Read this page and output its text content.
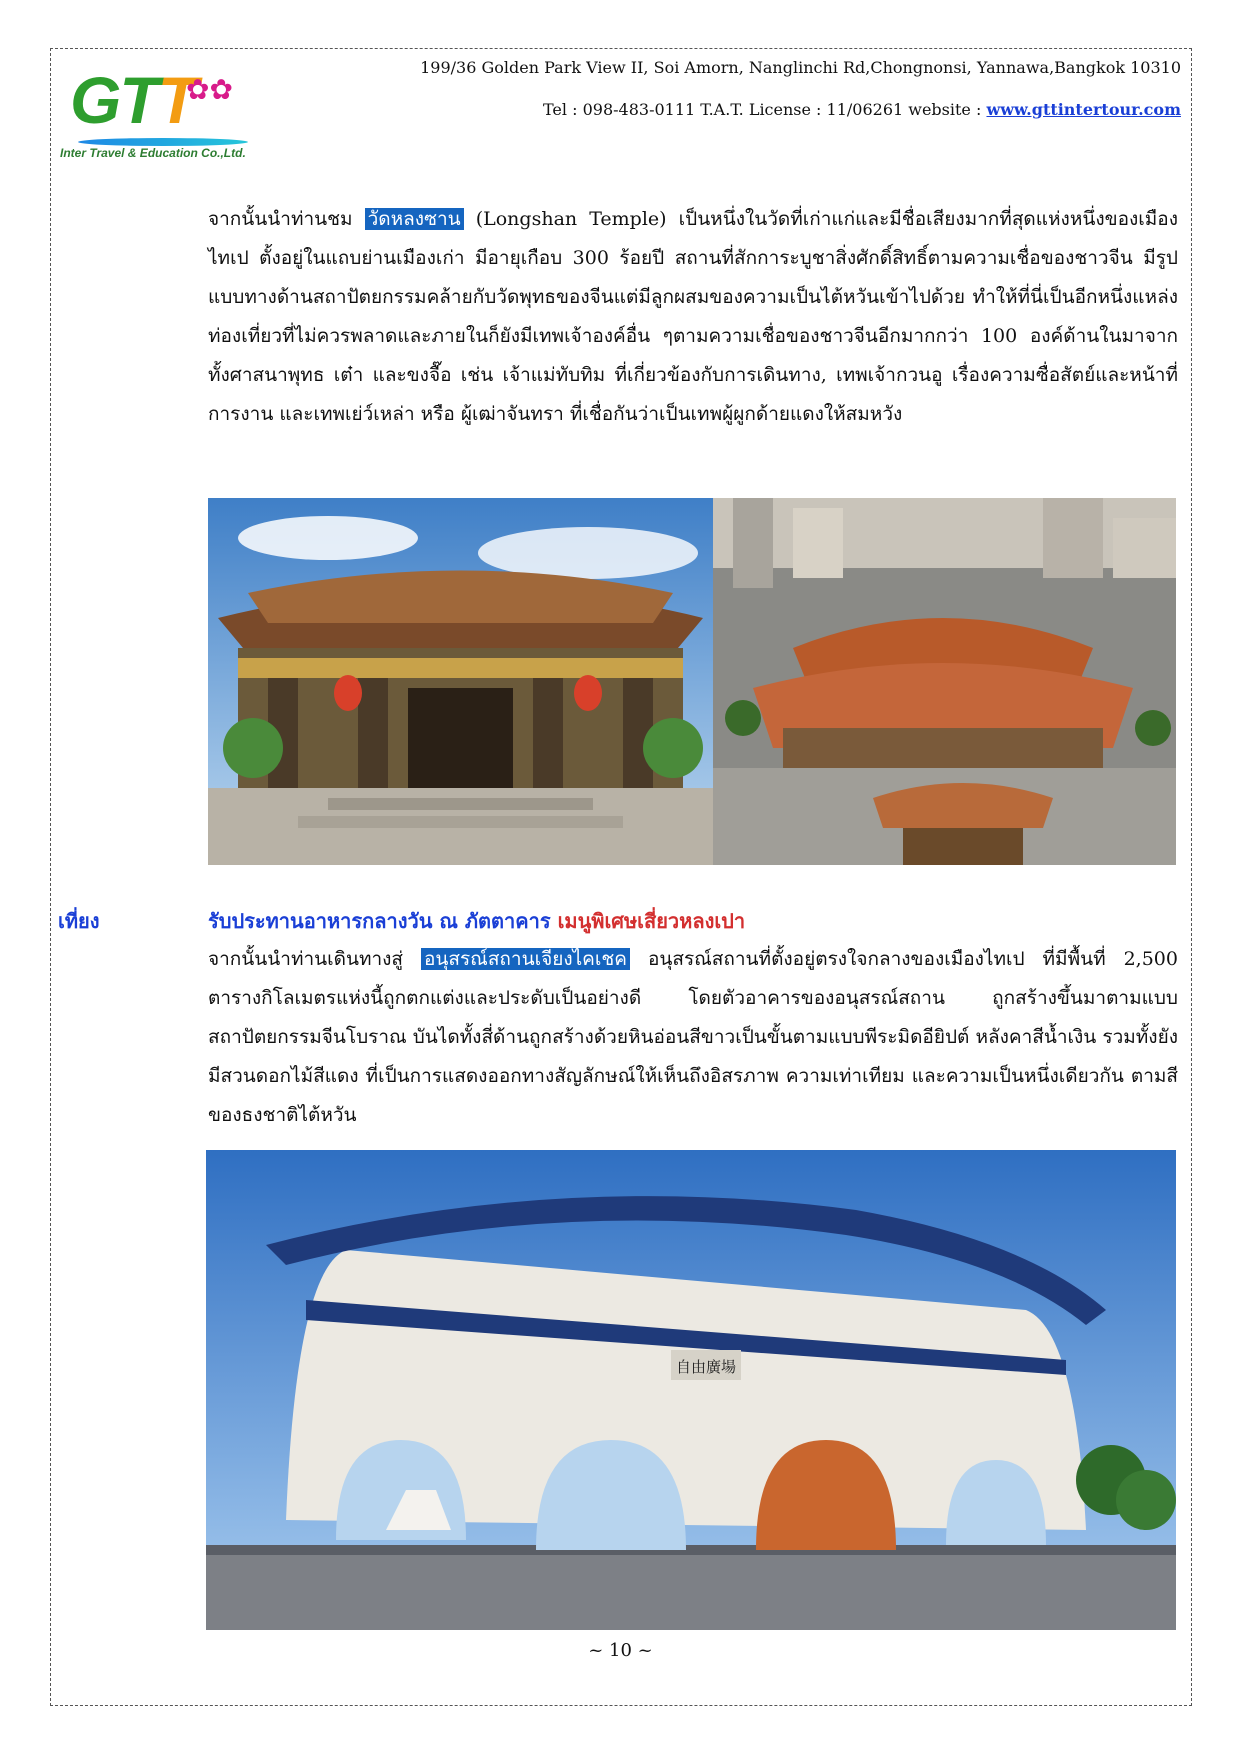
GTT
✿✿
Inter Travel & Education Co.,Ltd.
199/36 Golden Park View II, Soi Amorn, Nanglinchi Rd,Chongnonsi, Yannawa,Bangkok 10310
Tel : 098-483-0111 T.A.T. License : 11/06261 website : www.gttintertour.com
จากนั้นนำท่านชม วัดหลงซาน (Longshan Temple) เป็นหนึ่งในวัดที่เก่าแก่และมีชื่อเสียงมากที่สุดแห่งหนึ่งของเมืองไทเป ตั้งอยู่ในแถบย่านเมืองเก่า มีอายุเกือบ 300 ร้อยปี สถานที่สักการะบูชาสิ่งศักดิ์สิทธิ์ตามความเชื่อของชาวจีน มีรูปแบบทางด้านสถาปัตยกรรมคล้ายกับวัดพุทธของจีนแต่มีลูกผสมของความเป็นไต้หวันเข้าไปด้วย ทำให้ที่นี่เป็นอีกหนึ่งแหล่งท่องเที่ยวที่ไม่ควรพลาดและภายในก็ยังมีเทพเจ้าองค์อื่น ๆตามความเชื่อของชาวจีนอีกมากกว่า 100 องค์ด้านในมาจากทั้งศาสนาพุทธ เต๋า และขงจื๊อ เช่น เจ้าแม่ทับทิม ที่เกี่ยวข้องกับการเดินทาง, เทพเจ้ากวนอู เรื่องความซื่อสัตย์และหน้าที่การงาน และเทพเย่ว์เหล่า หรือ ผู้เฒ่าจันทรา ที่เชื่อกันว่าเป็นเทพผู้ผูกด้ายแดงให้สมหวัง
เที่ยง	รับประทานอาหารกลางวัน ณ ภัตตาคาร เมนูพิเศษเสี่ยวหลงเปา
จากนั้นนำท่านเดินทางสู่ อนุสรณ์สถานเจียงไคเชค อนุสรณ์สถานที่ตั้งอยู่ตรงใจกลางของเมืองไทเป ที่มีพื้นที่ 2,500 ตารางกิโลเมตรแห่งนี้ถูกตกแต่งและประดับเป็นอย่างดี โดยตัวอาคารของอนุสรณ์สถาน ถูกสร้างขึ้นมาตามแบบสถาปัตยกรรมจีนโบราณ บันไดทั้งสี่ด้านถูกสร้างด้วยหินอ่อนสีขาวเป็นขั้นตามแบบพีระมิดอียิปต์ หลังคาสีน้ำเงิน รวมทั้งยังมีสวนดอกไม้สีแดง ที่เป็นการแสดงออกทางสัญลักษณ์ให้เห็นถึงอิสรภาพ ความเท่าเทียม และความเป็นหนึ่งเดียวกัน ตามสีของธงชาติไต้หวัน
自由廣場
~ 10 ~
